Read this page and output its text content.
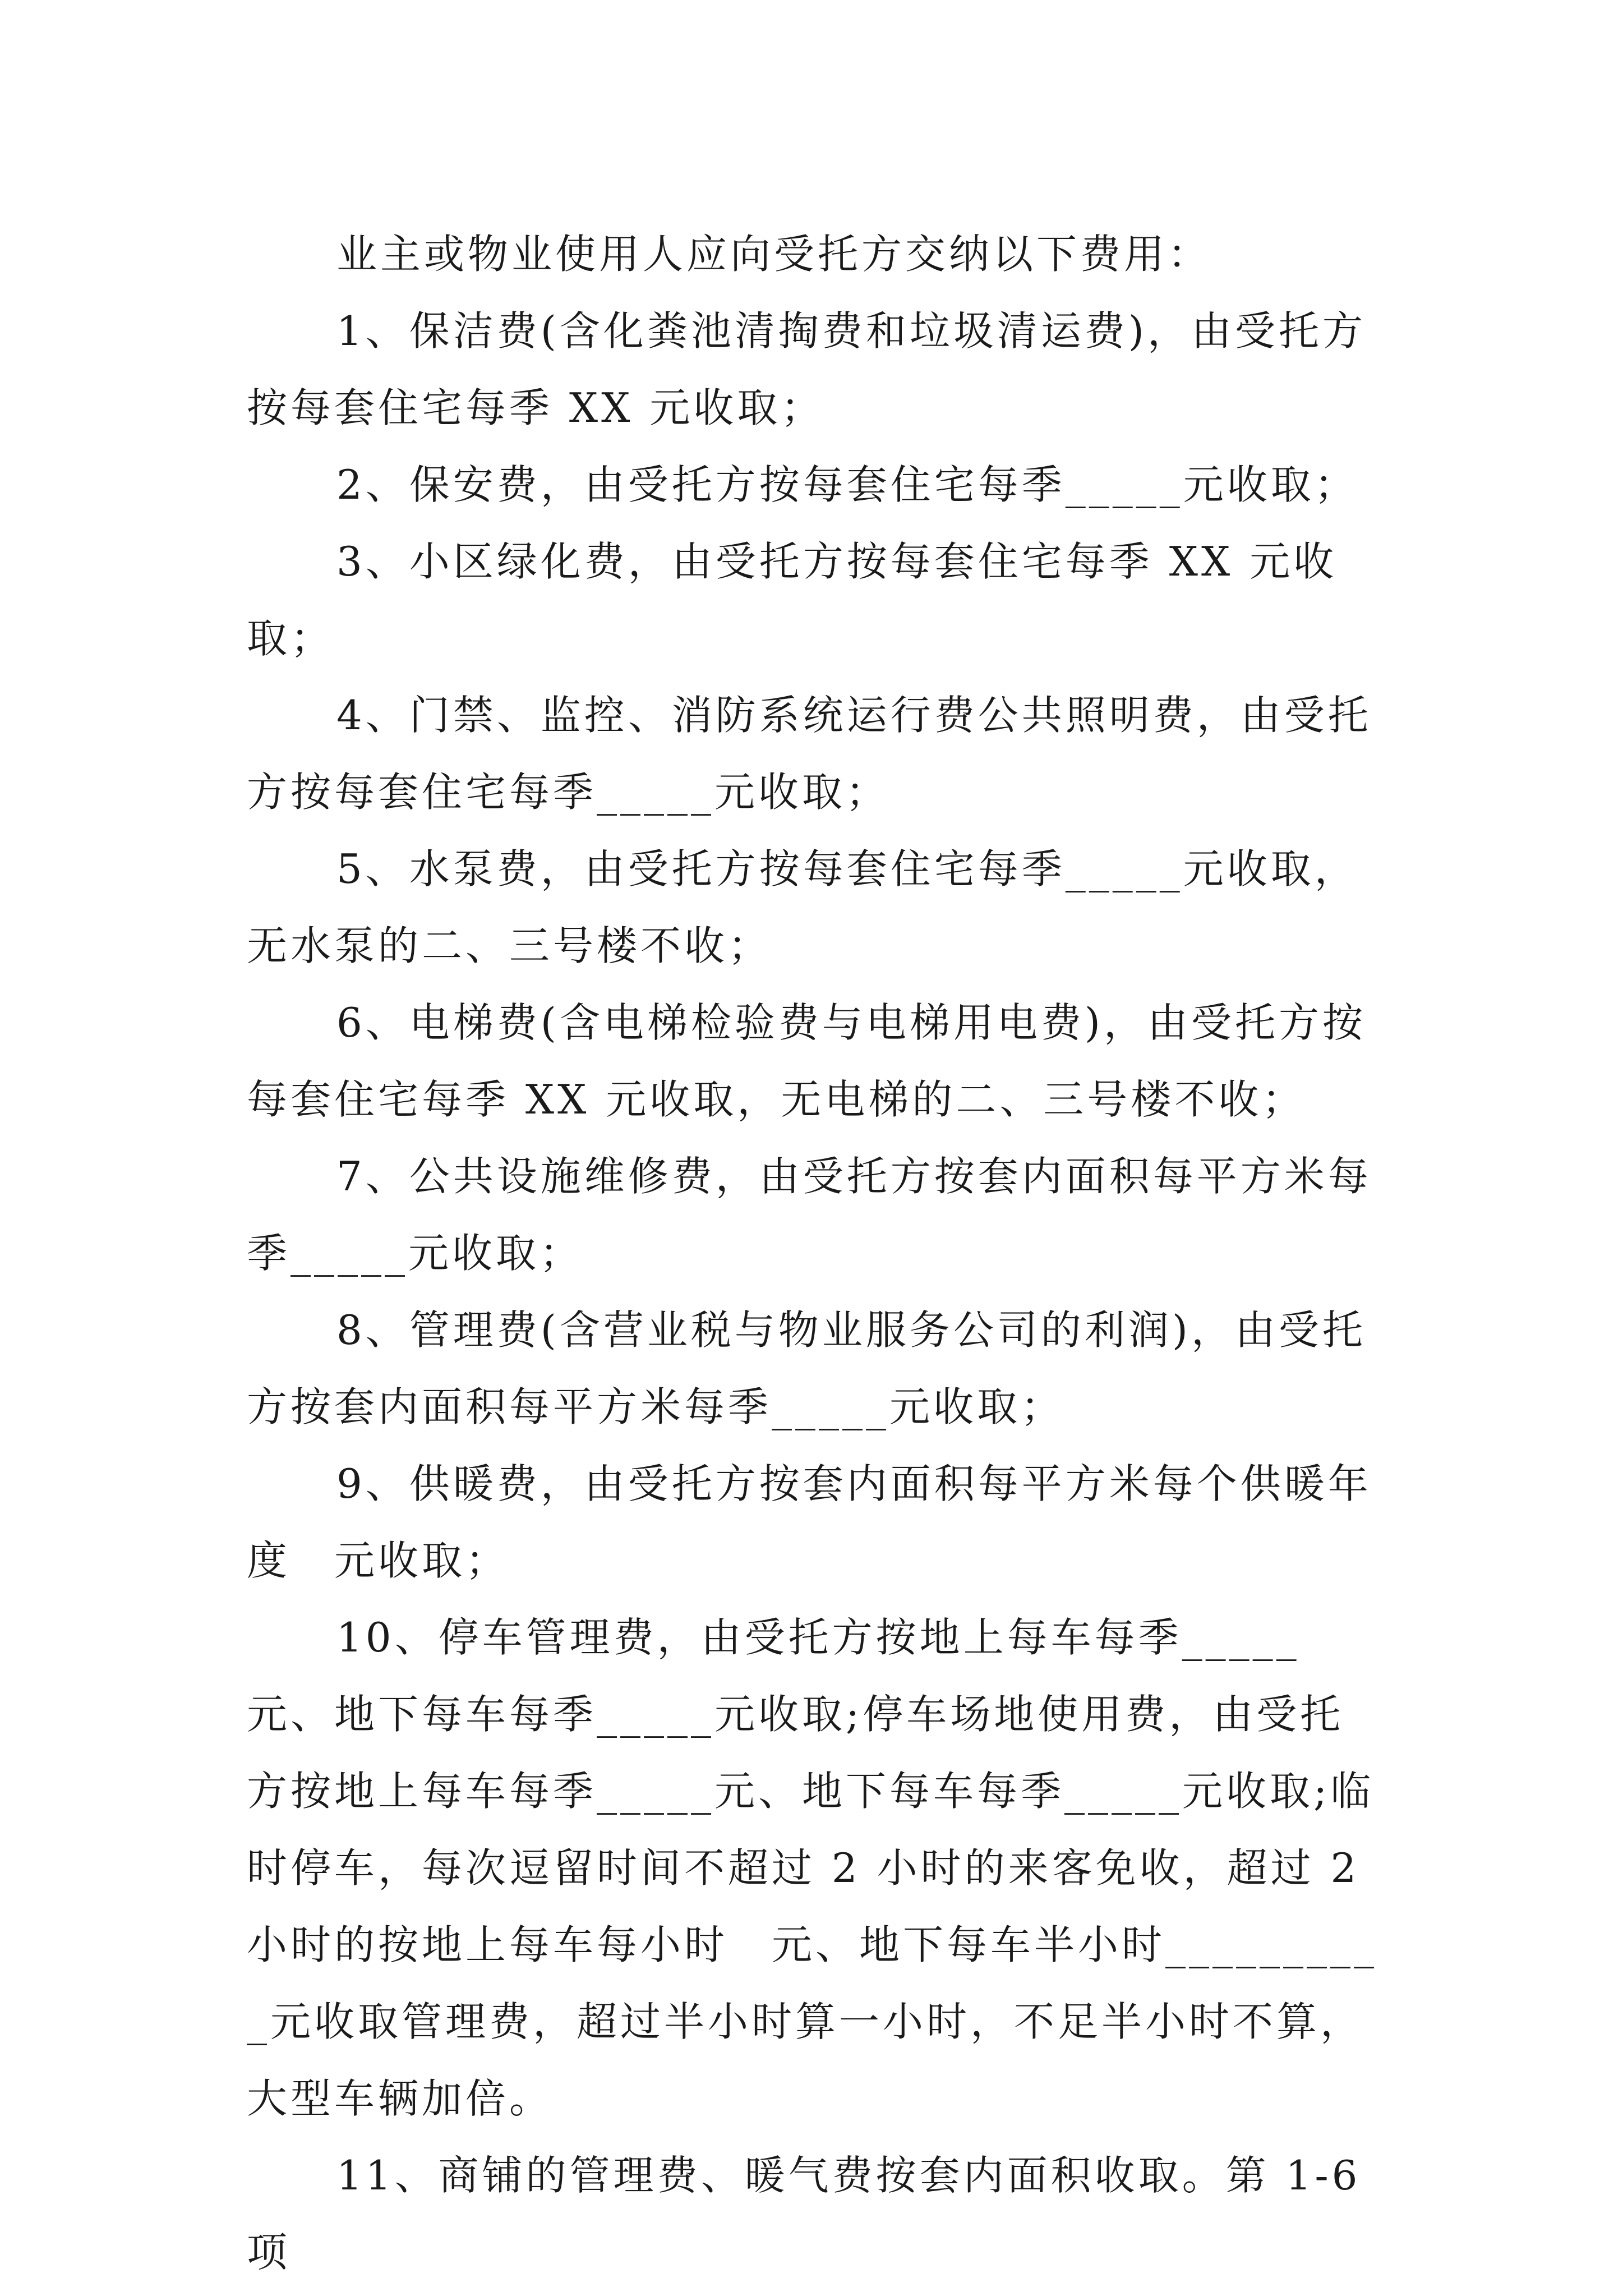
业主或物业使用人应向受托方交纳以下费用：

1、保洁费(含化粪池清掏费和垃圾清运费)，由受托方按每套住宅每季 XX 元收取；

2、保安费，由受托方按每套住宅每季_____元收取；

3、小区绿化费，由受托方按每套住宅每季 XX 元收取；

4、门禁、监控、消防系统运行费公共照明费，由受托方按每套住宅每季_____元收取；

5、水泵费，由受托方按每套住宅每季_____元收取，无水泵的二、三号楼不收；

6、电梯费(含电梯检验费与电梯用电费)，由受托方按每套住宅每季 XX 元收取，无电梯的二、三号楼不收；

7、公共设施维修费，由受托方按套内面积每平方米每季_____元收取；

8、管理费(含营业税与物业服务公司的利润)，由受托方按套内面积每平方米每季_____元收取；

9、供暖费，由受托方按套内面积每平方米每个供暖年度　元收取；

10、停车管理费，由受托方按地上每车每季_____元、地下每车每季_____元收取;停车场地使用费，由受托方按地上每车每季_____元、地下每车每季_____元收取;临时停车，每次逗留时间不超过 2 小时的来客免收，超过 2 小时的按地上每车每小时　元、地下每车半小时__________元收取管理费，超过半小时算一小时，不足半小时不算，大型车辆加倍。

11、商铺的管理费、暖气费按套内面积收取。第 1-6 项
